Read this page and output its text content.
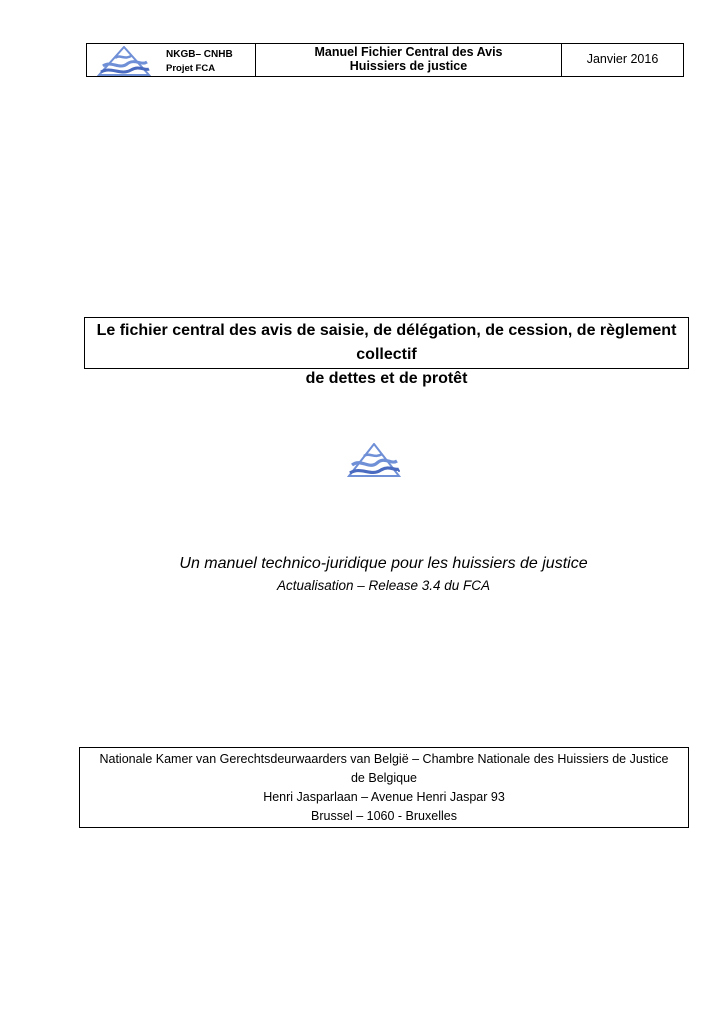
NKGB– CNHB
Projet FCA
Manuel Fichier Central des Avis
Huissiers de justice	Janvier 2016
Le fichier central des avis de saisie, de délégation, de cession, de règlement collectif
de dettes et de protêt
Un manuel technico-juridique pour les huissiers de justice
Actualisation – Release 3.4 du FCA
Nationale Kamer van Gerechtsdeurwaarders van België – Chambre Nationale des Huissiers de Justice de Belgique
Henri Jasparlaan – Avenue Henri Jaspar 93
Brussel – 1060 - Bruxelles
